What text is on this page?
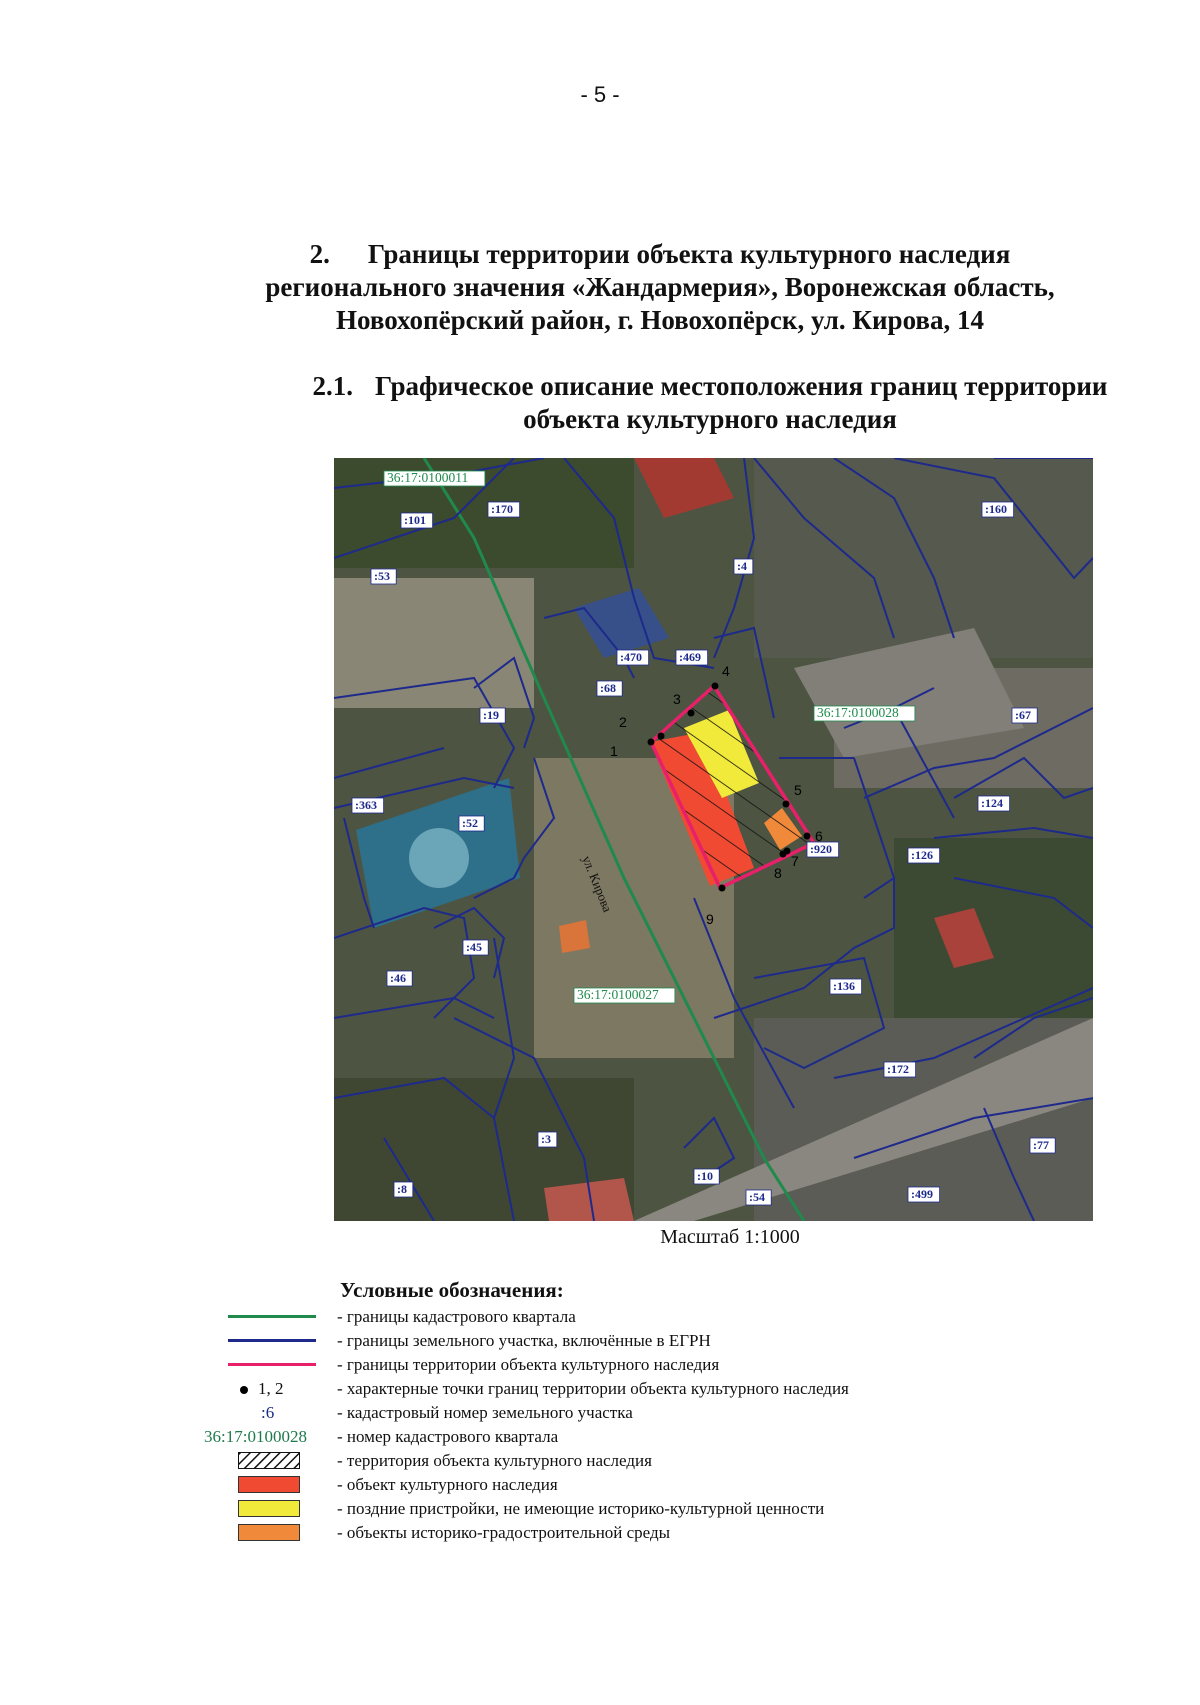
- 5 -
2. Границы территории объекта культурного наследия
регионального значения «Жандармерия», Воронежская область,
Новохопёрский район, г. Новохопёрск, ул. Кирова, 14
2.1. Графическое описание местоположения границ территории
объекта культурного наследия
36:17:0100011
36:17:0100028
36:17:0100027
:101
:170
:53
:4
:160
:470	:469
:68
:19	:67
:363
:52
:124
:126
:920
:45
:46
:136
:172
:3
:10
:54
:8
:77
:499
1
2
3
4
5
6
7
8
9
ул. Кирова
Масштаб 1:1000
Условные обозначения:
- границы кадастрового квартала
- границы земельного участка, включённые в ЕГРН
- границы территории объекта культурного наследия
1, 2	- характерные точки границ территории объекта культурного наследия
:6	- кадастровый номер земельного участка
36:17:0100028 - номер кадастрового квартала
- территория объекта культурного наследия
- объект культурного наследия
- поздние пристройки, не имеющие историко-культурной ценности
- объекты историко-градостроительной среды
